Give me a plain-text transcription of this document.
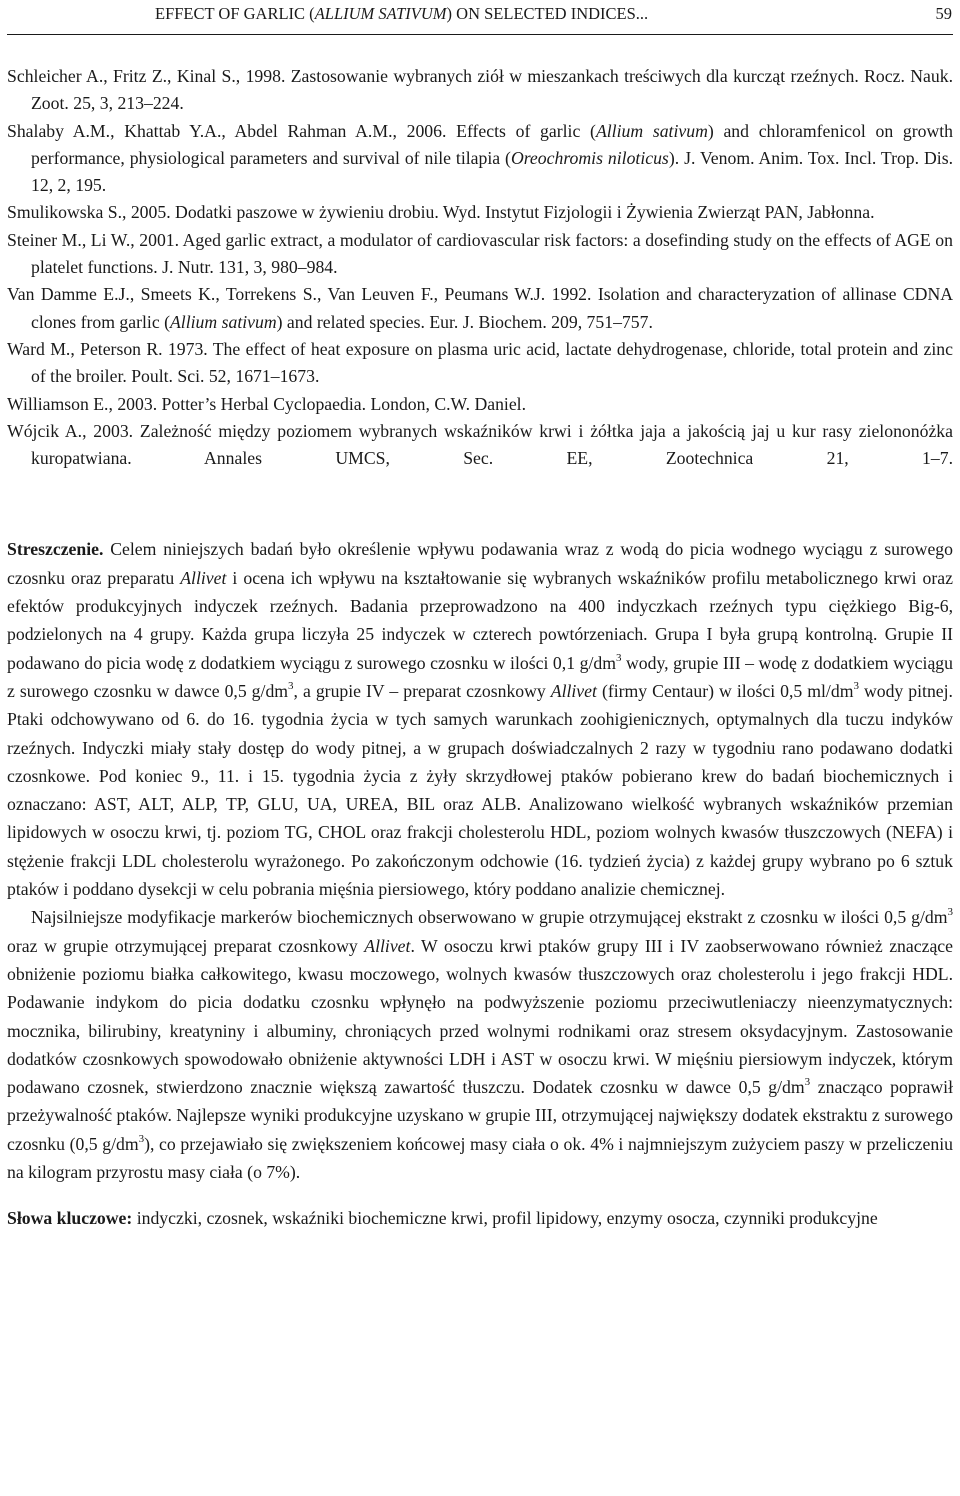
EFFECT OF GARLIC (ALLIUM SATIVUM) ON SELECTED INDICES...	59
Schleicher A., Fritz Z., Kinal S., 1998. Zastosowanie wybranych ziół w mieszankach treściwych dla kurcząt rzeźnych. Rocz. Nauk. Zoot. 25, 3, 213–224.
Shalaby A.M., Khattab Y.A., Abdel Rahman A.M., 2006. Effects of garlic (Allium sativum) and chloramfenicol on growth performance, physiological parameters and survival of nile tilapia (Oreochromis niloticus). J. Venom. Anim. Tox. Incl. Trop. Dis. 12, 2, 195.
Smulikowska S., 2005. Dodatki paszowe w żywieniu drobiu. Wyd. Instytut Fizjologii i Żywienia Zwierząt PAN, Jabłonna.
Steiner M., Li W., 2001. Aged garlic extract, a modulator of cardiovascular risk factors: a dosefinding study on the effects of AGE on platelet functions. J. Nutr. 131, 3, 980–984.
Van Damme E.J., Smeets K., Torrekens S., Van Leuven F., Peumans W.J. 1992. Isolation and characteryzation of allinase CDNA clones from garlic (Allium sativum) and related species. Eur. J. Biochem. 209, 751–757.
Ward M., Peterson R. 1973. The effect of heat exposure on plasma uric acid, lactate dehydrogenase, chloride, total protein and zinc of the broiler. Poult. Sci. 52, 1671–1673.
Williamson E., 2003. Potter’s Herbal Cyclopaedia. London, C.W. Daniel.
Wójcik A., 2003. Zależność między poziomem wybranych wskaźników krwi i żółtka jaja a jakością jaj u kur rasy zielononóżka kuropatwiana. Annales UMCS, Sec. EE, Zootechnica 21, 1–7.

Streszczenie. Celem niniejszych badań było określenie wpływu podawania wraz z wodą do picia wodnego wyciągu z surowego czosnku oraz preparatu Allivet i ocena ich wpływu na kształtowanie się wybranych wskaźników profilu metabolicznego krwi oraz efektów produkcyjnych indyczek rzeźnych. Badania przeprowadzono na 400 indyczkach rzeźnych typu ciężkiego Big-6, podzielonych na 4 grupy. Każda grupa liczyła 25 indyczek w czterech powtórzeniach. Grupa I była grupą kontrolną. Grupie II podawano do picia wodę z dodatkiem wyciągu z surowego czosnku w ilości 0,1 $g/dm^3$ wody, grupie III – wodę z dodatkiem wyciągu z surowego czosnku w dawce 0,5 $g/dm^3$, a grupie IV – preparat czosnkowy Allivet (firmy Centaur) w ilości 0,5 $ml/dm^3$ wody pitnej. Ptaki odchowywano od 6. do 16. tygodnia życia w tych samych warunkach zoohigienicznych, optymalnych dla tuczu indyków rzeźnych. Indyczki miały stały dostęp do wody pitnej, a w grupach doświadczalnych 2 razy w tygodniu rano podawano dodatki czosnkowe. Pod koniec 9., 11. i 15. tygodnia życia z żyły skrzydłowej ptaków pobierano krew do badań biochemicznych i oznaczano: AST, ALT, ALP, TP, GLU, UA, UREA, BIL oraz ALB. Analizowano wielkość wybranych wskaźników przemian lipidowych w osoczu krwi, tj. poziom TG, CHOL oraz frakcji cholesterolu HDL, poziom wolnych kwasów tłuszczowych (NEFA) i stężenie frakcji LDL cholesterolu wyrażonego. Po zakończonym odchowie (16. tydzień życia) z każdej grupy wybrano po 6 sztuk ptaków i poddano dysekcji w celu pobrania mięśnia piersiowego, który poddano analizie chemicznej.

Najsilniejsze modyfikacje markerów biochemicznych obserwowano w grupie otrzymującej ekstrakt z czosnku w ilości 0,5 $g/dm^3$ oraz w grupie otrzymującej preparat czosnkowy Allivet. W osoczu krwi ptaków grupy III i IV zaobserwowano również znaczące obniżenie poziomu białka całkowitego, kwasu moczowego, wolnych kwasów tłuszczowych oraz cholesterolu i jego frakcji HDL. Podawanie indykom do picia dodatku czosnku wpłynęło na podwyższenie poziomu przeciwutleniaczy nieenzymatycznych: mocznika, bilirubiny, kreatyniny i albuminy, chroniących przed wolnymi rodnikami oraz stresem oksydacyjnym. Zastosowanie dodatków czosnkowych spowodowało obniżenie aktywności LDH i AST w osoczu krwi. W mięśniu piersiowym indyczek, którym podawano czosnek, stwierdzono znacznie większą zawartość tłuszczu. Dodatek czosnku w dawce 0,5 $g/dm^3$ znacząco poprawił przeżywalność ptaków. Najlepsze wyniki produkcyjne uzyskano w grupie III, otrzymującej największy dodatek ekstraktu z surowego czosnku (0,5 $g/dm^3$), co przejawiało się zwiększeniem końcowej masy ciała o ok. 4% i najmniejszym zużyciem paszy w przeliczeniu na kilogram przyrostu masy ciała (o 7%).

Słowa kluczowe: indyczki, czosnek, wskaźniki biochemiczne krwi, profil lipidowy, enzymy osocza, czynniki produkcyjne
